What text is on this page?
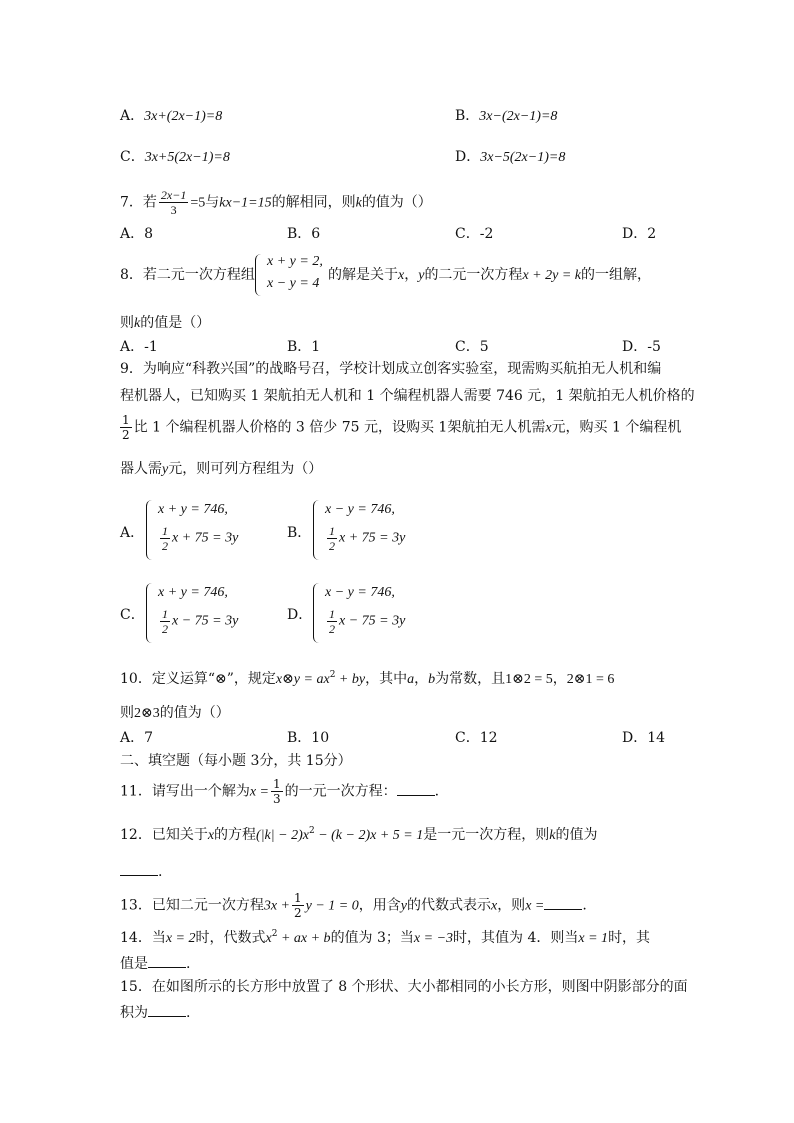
A．3x+(2x−1)=8	B．3x−(2x−1)=8
C．3x+5(2x−1)=8	D．3x−5(2x−1)=8
7．若 $\frac{2x-1}{3} =5$与kx−1=15的解相同，则k的值为（）
A．8	B．6	C．-2	D．2
8．若二元一次方程组
x + y = 2,
x − y = 4
的解是关于x，y的二元一次方程x + 2y = k的一组解，
则k的值是（）
A．-1	B．1	C．5	D．-5
9．为响应“科教兴国”的战略号召，学校计划成立创客实验室，现需购买航拍无人机和编
程机器人，已知购买 1 架航拍无人机和 1 个编程机器人需要 746 元，1 架航拍无人机价格的
$\frac{1}{2}$ 比 1 个编程机器人价格的 3 倍少 75 元，设购买 1架航拍无人机需x元，购买 1 个编程机
器人需y元，则可列方程组为（）
A．
x + y = 746,
$\frac{1}{2}$ x + 75 = 3y	B．
x − y = 746,
$\frac{1}{2}$ x + 75 = 3y
C．
x + y = 746,
$\frac{1}{2}$ x − 75 = 3y	D．
x − y = 746,
$\frac{1}{2}$ x − 75 = 3y
10．定义运算“⊗”，规定x⊗y = $ax^2$ + by，其中a，b为常数，且1⊗2 = 5，2⊗1 = 6
则2⊗3的值为（）
A．7	B．10	C．12	D．14
二、填空题（每小题 3分，共 15分）
11．请写出一个解为$x = \frac{1}{3}$ 的一元一次方程：	.
12．已知关于x的方程$(|k| - 2)x^2 - (k - 2)x + 5 = 1$是一元一次方程，则k的值为
.
13．已知二元一次方程$3x + \frac{1}{2}$ y − 1 = 0，用含y的代数式表示x，则x =	.
14．当x = 2时，代数式$x^2$ + ax + b的值为 3；当x = −3时，其值为 4．则当x = 1时，其
值是	.
15．在如图所示的长方形中放置了 8 个形状、大小都相同的小长方形，则图中阴影部分的面
积为	.
